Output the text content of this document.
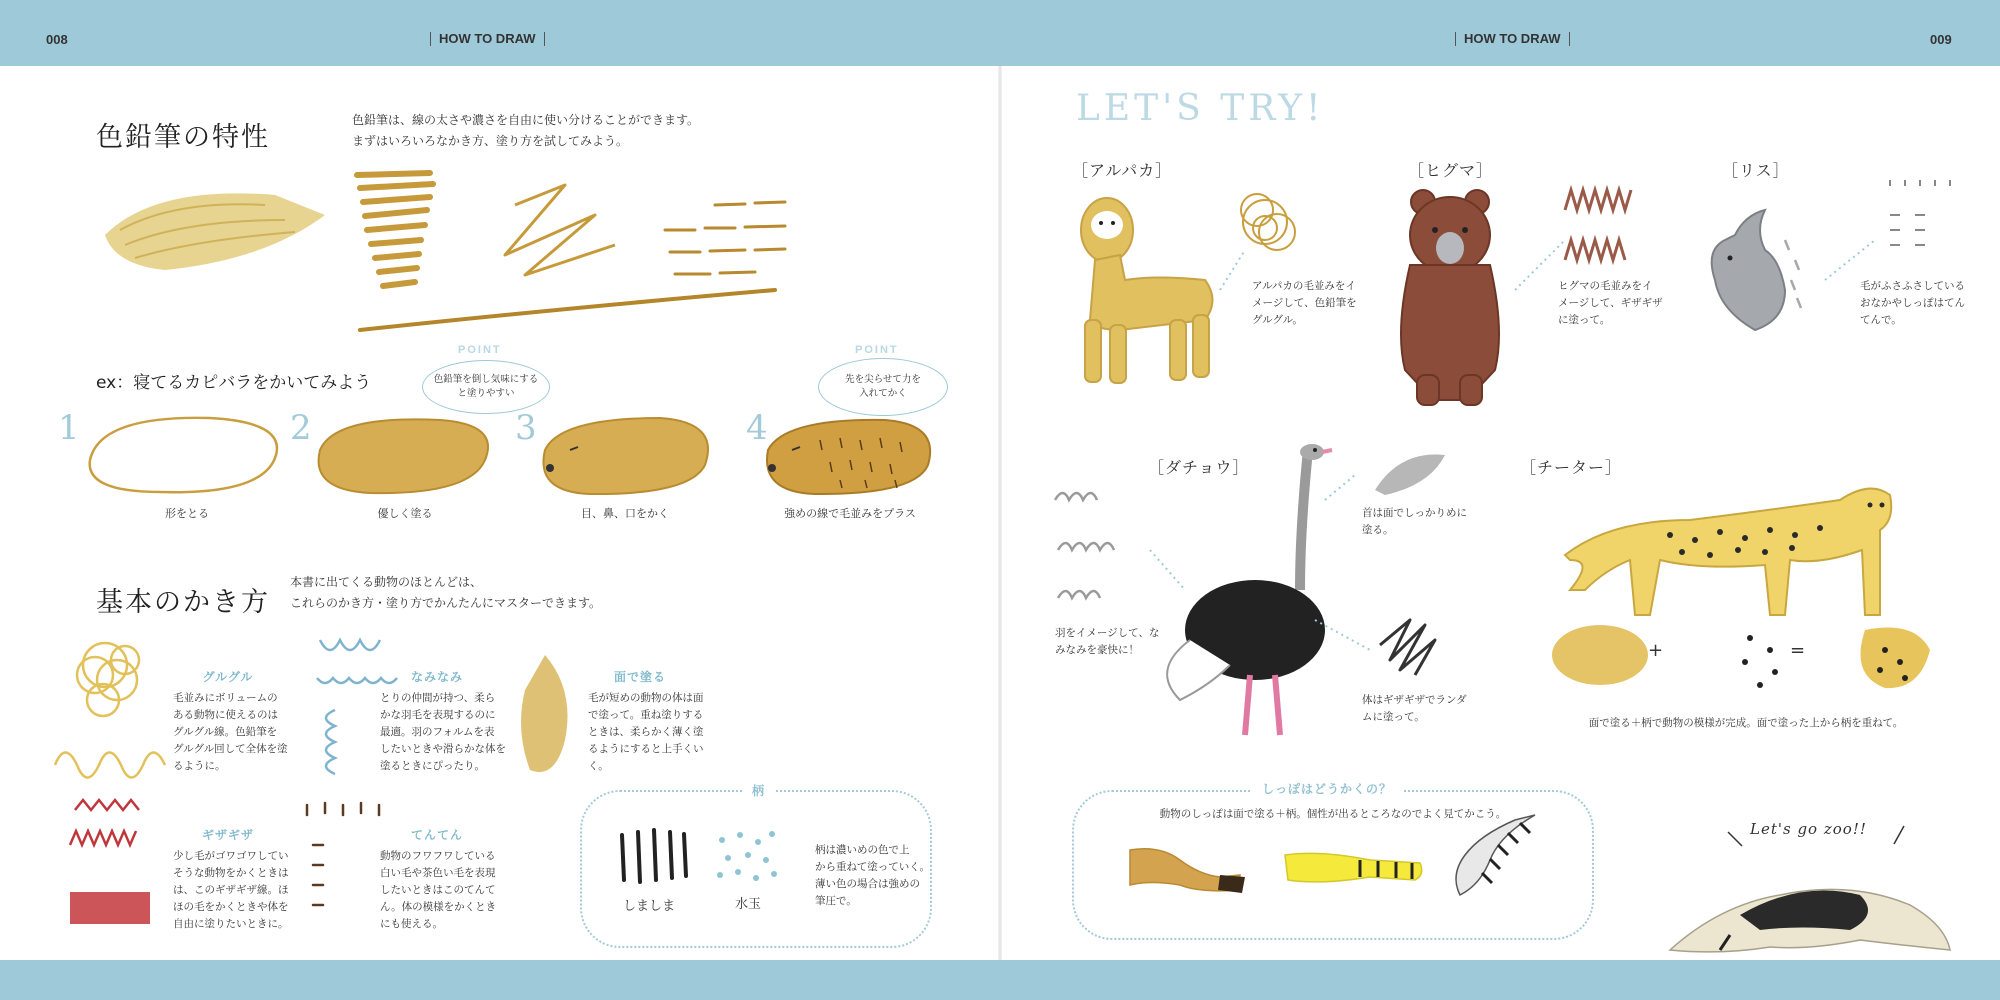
008	HOW TO DRAW	HOW TO DRAW	009
色鉛筆の特性
色鉛筆は、線の太さや濃さを自由に使い分けることができます。
まずはいろいろなかき方、塗り方を試してみよう。
ex：寝てるカピバラをかいてみよう
POINT
色鉛筆を倒し気味にする
と塗りやすい
POINT
先を尖らせて力を
入れてかく
1	2	3	4
形をとる	優しく塗る	目、鼻、口をかく	強めの線で毛並みをプラス
基本のかき方
本書に出てくる動物のほとんどは、
これらのかき方・塗り方でかんたんにマスターできます。
グルグル
毛並みにボリュームの
ある動物に使えるのは
グルグル線。色鉛筆を
グルグル回して全体を塗
るように。
なみなみ
とりの仲間が持つ、柔ら
かな羽毛を表現するのに
最適。羽のフォルムを表
したいときや滑らかな体を
塗るときにぴったり。
面で塗る
毛が短めの動物の体は面
で塗って。重ね塗りする
ときは、柔らかく薄く塗
るようにすると上手くい
く。
ギザギザ
少し毛がゴワゴワしてい
そうな動物をかくときは
は、このギザギザ線。ほ
ほの毛をかくときや体を
自由に塗りたいときに。
てんてん
動物のフワフワしている
白い毛や茶色い毛を表現
したいときはこのてんて
ん。体の模様をかくとき
にも使える。
柄
しましま	水玉
柄は濃いめの色で上
から重ねて塗っていく。
薄い色の場合は強めの
筆圧で。
LET'S TRY!
［アルパカ］	［ヒグマ］	［リス］
アルパカの毛並みをイ
メージして、色鉛筆を
グルグル。
ヒグマの毛並みをイ
メージして、ギザギザ
に塗って。
毛がふさふさしている
おなかやしっぽはてん
てんで。
［ダチョウ］	［チーター］
+	=
羽をイメージして、な
みなみを豪快に！
首は面でしっかりめに
塗る。
体はギザギザでランダ
ムに塗って。	面で塗る＋柄で動物の模様が完成。面で塗った上から柄を重ねて。
しっぽはどうかくの？
動物のしっぽは面で塗る＋柄。個性が出るところなのでよく見てかこう。
Let's go zoo!!
